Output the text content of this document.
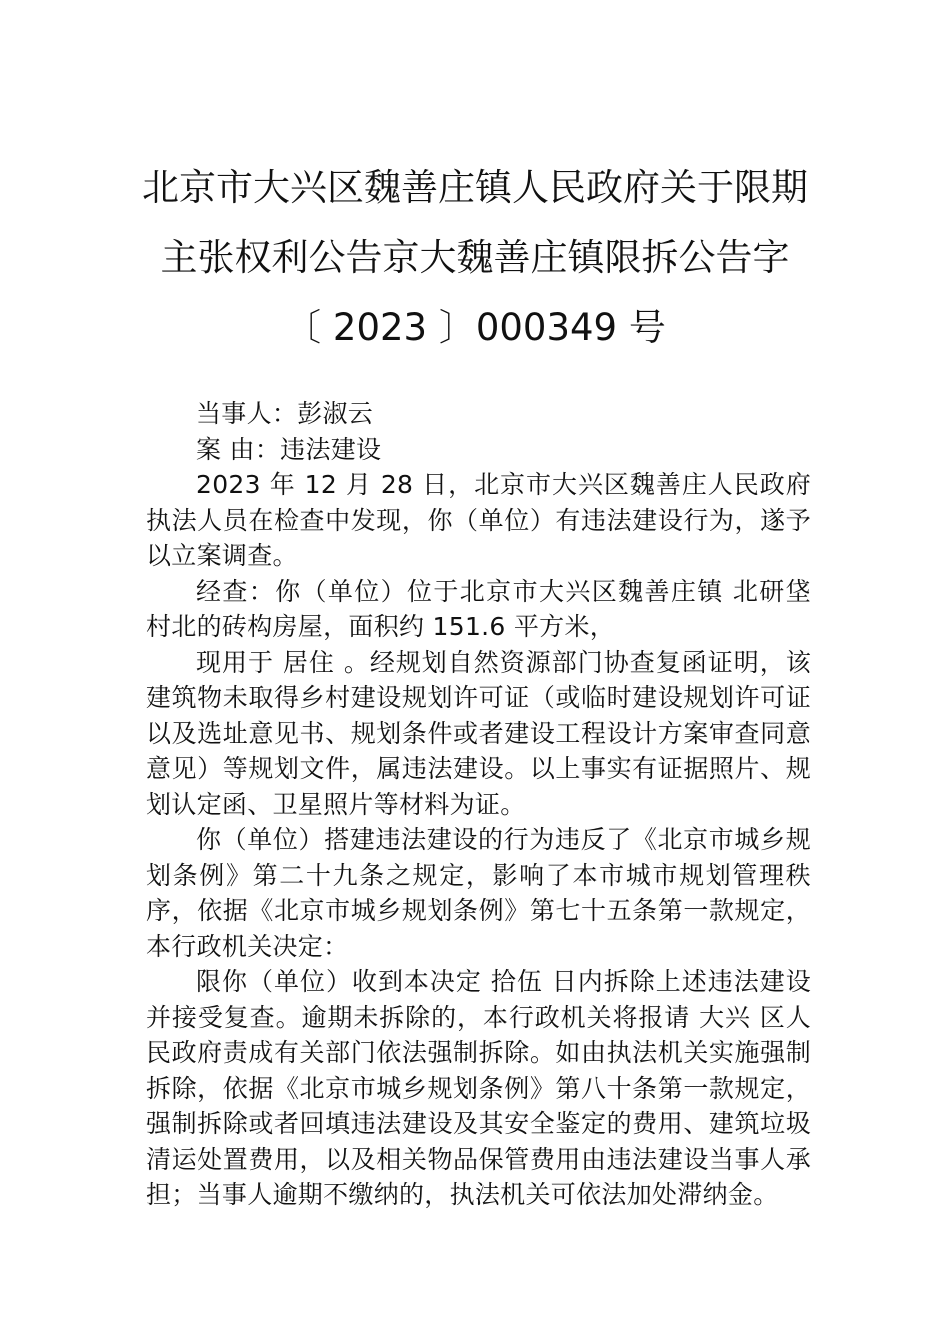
北京市大兴区魏善庄镇人民政府关于限期
主张权利公告京大魏善庄镇限拆公告字
〔 2023 〕000349 号

当事人：彭淑云

案 由：违法建设

2023 年 12 月 28 日，北京市大兴区魏善庄人民政府执法人员在检查中发现，你（单位）有违法建设行为，遂予以立案调查。

经查：你（单位）位于北京市大兴区魏善庄镇 北研垡村北的砖构房屋，面积约 151.6 平方米，

现用于 居住 。经规划自然资源部门协查复函证明，该建筑物未取得乡村建设规划许可证（或临时建设规划许可证以及选址意见书、规划条件或者建设工程设计方案审查同意意见）等规划文件，属违法建设。以上事实有证据照片、规划认定函、卫星照片等材料为证。

你（单位）搭建违法建设的行为违反了《北京市城乡规划条例》第二十九条之规定，影响了本市城市规划管理秩序，依据《北京市城乡规划条例》第七十五条第一款规定，本行政机关决定：

限你（单位）收到本决定 拾伍 日内拆除上述违法建设并接受复查。逾期未拆除的，本行政机关将报请 大兴 区人民政府责成有关部门依法强制拆除。如由执法机关实施强制拆除，依据《北京市城乡规划条例》第八十条第一款规定，强制拆除或者回填违法建设及其安全鉴定的费用、建筑垃圾清运处置费用，以及相关物品保管费用由违法建设当事人承担；当事人逾期不缴纳的，执法机关可依法加处滞纳金。
